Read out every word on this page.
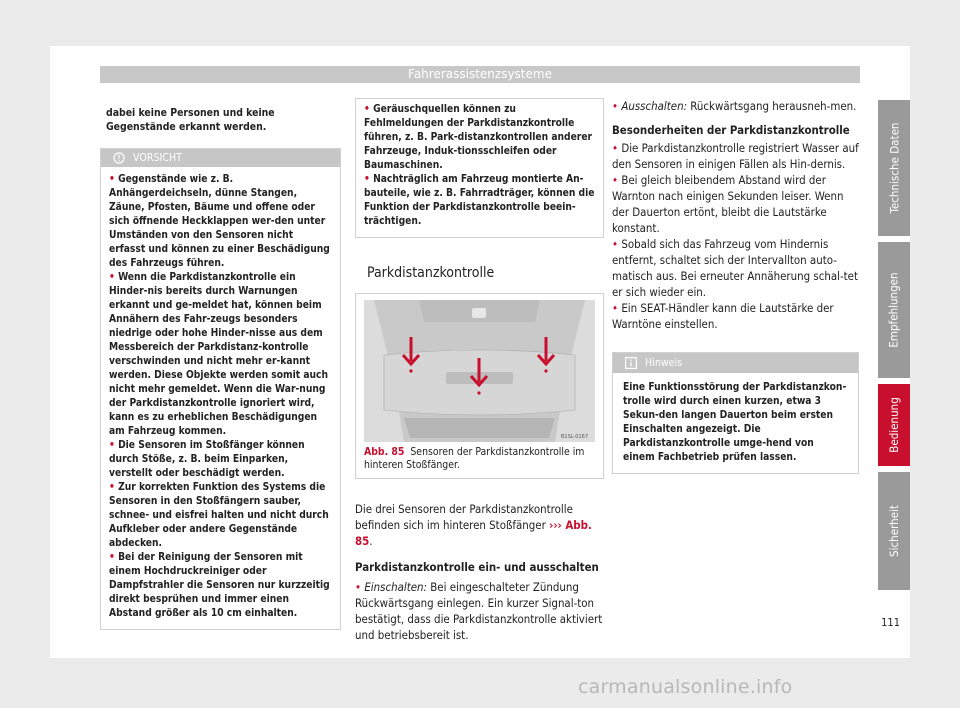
Fahrerassistenzsysteme
dabei keine Personen und keine Gegenstände erkannt werden.
VORSICHT

• Gegenstände wie z. B. Anhängerdeichseln, dünne Stangen, Zäune, Pfosten, Bäume und offene oder sich öffnende Heckklappen wer-den unter Umständen von den Sensoren nicht erfasst und können zu einer Beschädigung des Fahrzeugs führen.

• Wenn die Parkdistanzkontrolle ein Hinder-nis bereits durch Warnungen erkannt und ge-meldet hat, können beim Annähern des Fahr-zeugs besonders niedrige oder hohe Hinder-nisse aus dem Messbereich der Parkdistanz-kontrolle verschwinden und nicht mehr er-kannt werden. Diese Objekte werden somit auch nicht mehr gemeldet. Wenn die War-nung der Parkdistanzkontrolle ignoriert wird, kann es zu erheblichen Beschädigungen am Fahrzeug kommen.

• Die Sensoren im Stoßfänger können durch Stöße, z. B. beim Einparken, verstellt oder beschädigt werden.

• Zur korrekten Funktion des Systems die Sensoren in den Stoßfängern sauber, schnee- und eisfrei halten und nicht durch Aufkleber oder andere Gegenstände abdecken.

• Bei der Reinigung der Sensoren mit einem Hochdruckreiniger oder Dampfstrahler die Sensoren nur kurzzeitig direkt besprühen und immer einen Abstand größer als 10 cm einhalten.

• Geräuschquellen können zu Fehlmeldungen der Parkdistanzkontrolle führen, z. B. Park-distanzkontrollen anderer Fahrzeuge, Induk-tionsschleifen oder Baumaschinen.

• Nachträglich am Fahrzeug montierte An-bauteile, wie z. B. Fahrradträger, können die Funktion der Parkdistanzkontrolle beein-trächtigen.

Parkdistanzkontrolle
B1SL-0167
Abb. 85 Sensoren der Parkdistanzkontrolle im hinteren Stoßfänger.

Die drei Sensoren der Parkdistanzkontrolle befinden sich im hinteren Stoßfänger ››› Abb. 85.

Parkdistanzkontrolle ein- und ausschalten

• Einschalten: Bei eingeschalteter Zündung Rückwärtsgang einlegen. Ein kurzer Signal-ton bestätigt, dass die Parkdistanzkontrolle aktiviert und betriebsbereit ist.

• Ausschalten: Rückwärtsgang herausneh-men.

Besonderheiten der Parkdistanzkontrolle

• Die Parkdistanzkontrolle registriert Wasser auf den Sensoren in einigen Fällen als Hin-dernis.

• Bei gleich bleibendem Abstand wird der Warnton nach einigen Sekunden leiser. Wenn der Dauerton ertönt, bleibt die Lautstärke konstant.

• Sobald sich das Fahrzeug vom Hindernis entfernt, schaltet sich der Intervallton auto-matisch aus. Bei erneuter Annäherung schal-tet er sich wieder ein.

• Ein SEAT-Händler kann die Lautstärke der Warntöne einstellen.

Hinweis
Eine Funktionsstörung der Parkdistanzkon-trolle wird durch einen kurzen, etwa 3 Sekun-den langen Dauerton beim ersten Einschalten angezeigt. Die Parkdistanzkontrolle umge-hend von einem Fachbetrieb prüfen lassen.
Technische Daten
Empfehlungen
Bedienung
Sicherheit
111
carmanualsonline.info
